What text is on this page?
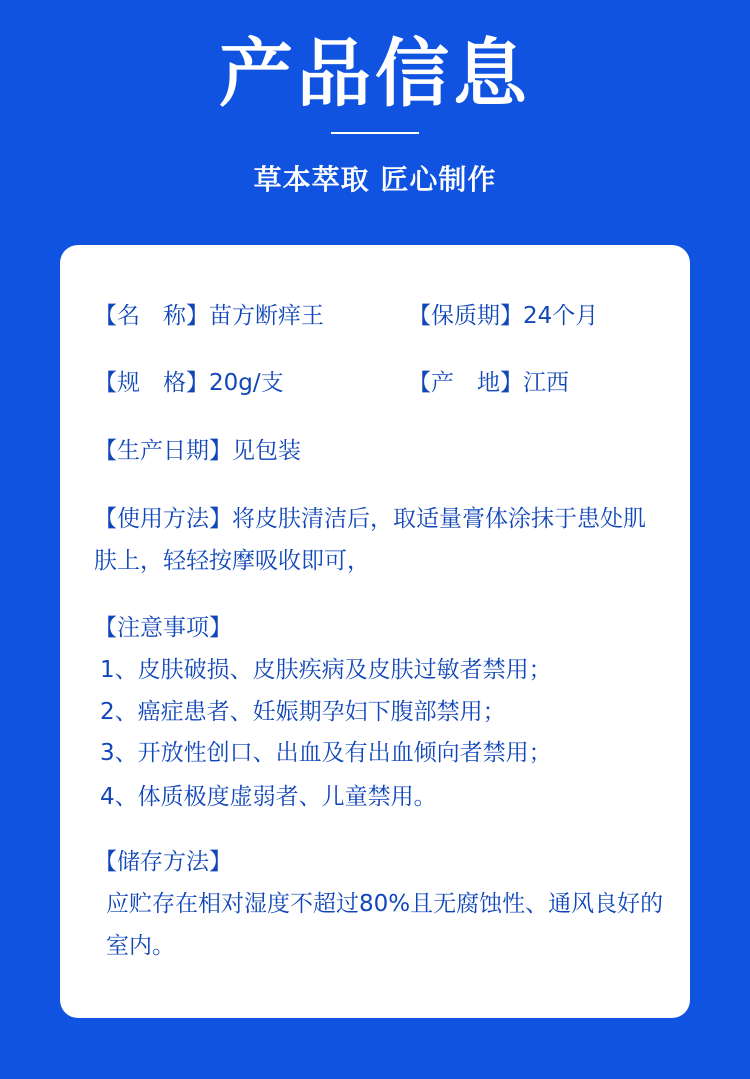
产品信息
草本萃取 匠心制作
【名　称】苗方断痒王	【保质期】24个月
【规　格】20g/支	【产　地】江西
【生产日期】见包装
【使用方法】将皮肤清洁后，取适量膏体涂抹于患处肌肤上，轻轻按摩吸收即可，
【注意事项】
1、皮肤破损、皮肤疾病及皮肤过敏者禁用；
2、癌症患者、妊娠期孕妇下腹部禁用；
3、开放性创口、出血及有出血倾向者禁用；
4、体质极度虚弱者、儿童禁用。
【储存方法】
应贮存在相对湿度不超过80%且无腐蚀性、通风良好的室内。
